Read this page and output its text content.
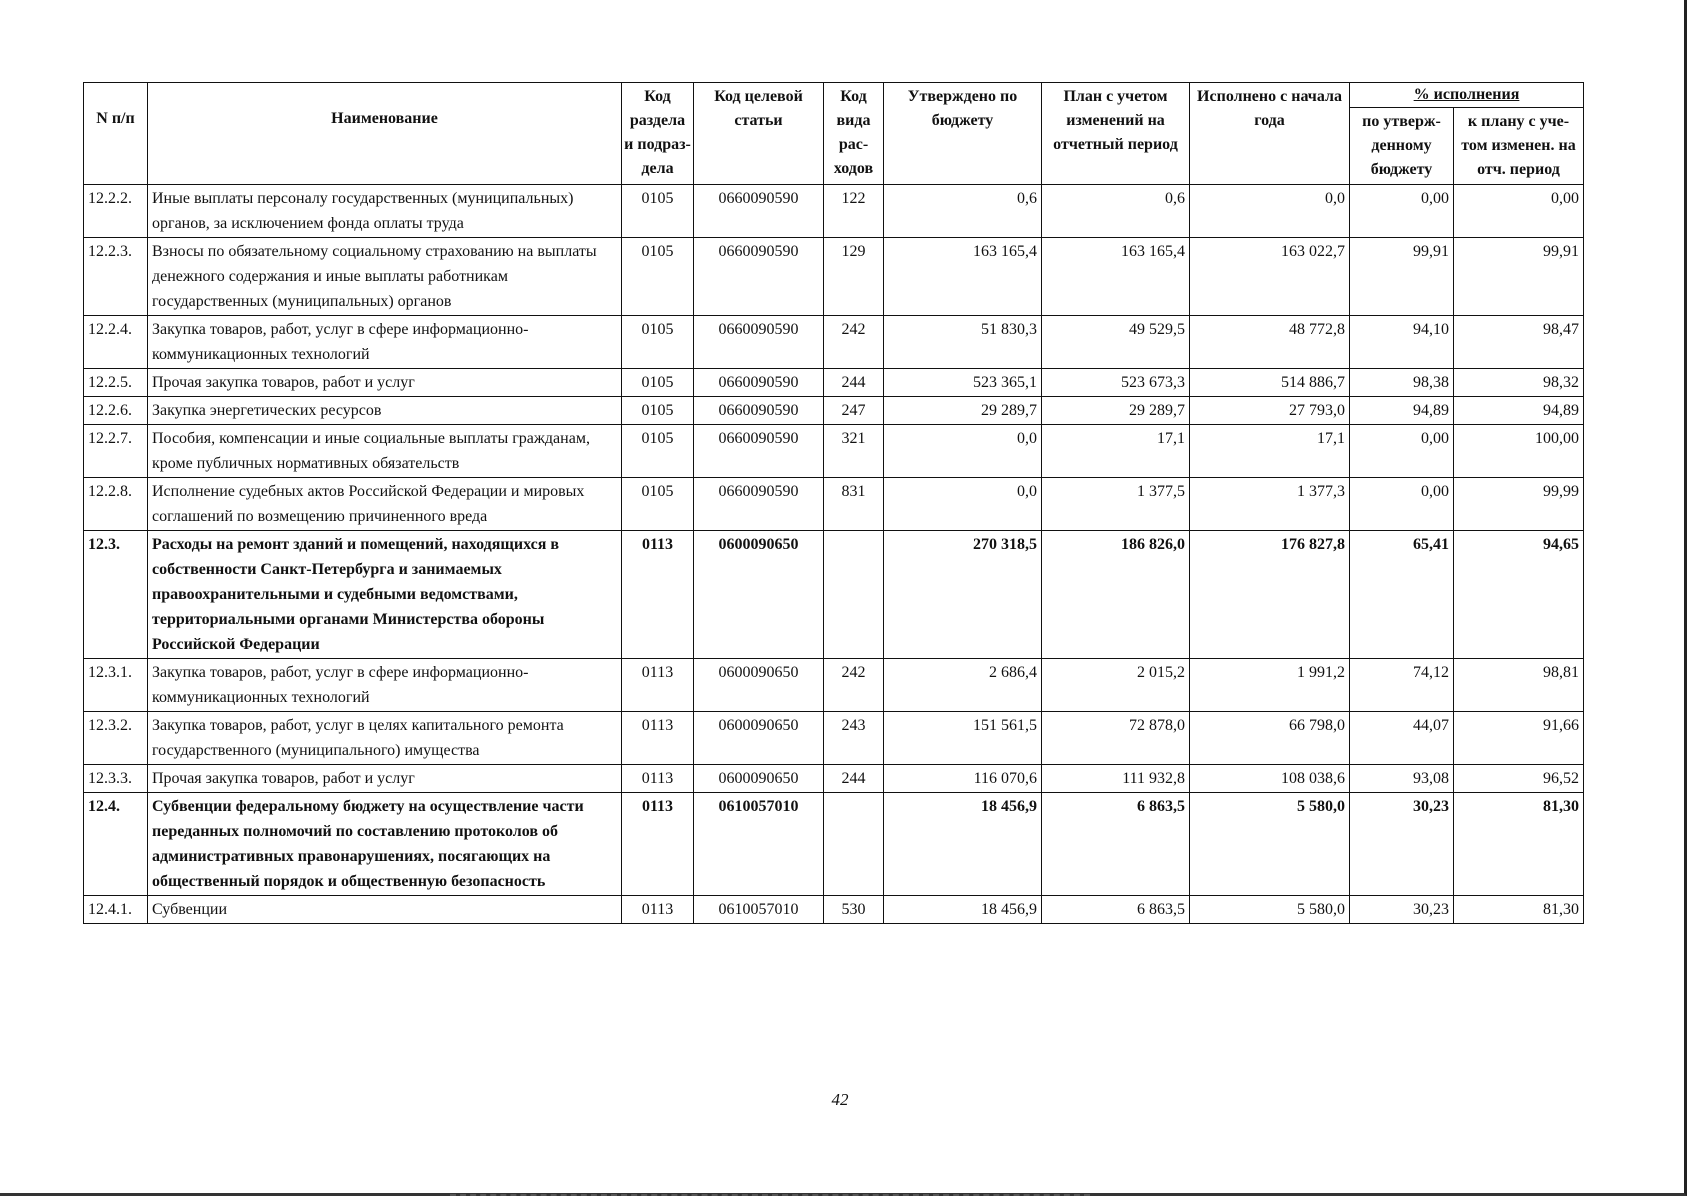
N п/п	Наименование	Код раздела и подраз-дела	Код целевой статьи	Код вида рас-ходов	Утверждено по бюджету	План с учетом изменений на отчетный период	Исполнено с начала года	% исполнения	
								по утверж-денному бюджету	к плану с уче-том изменен. на отч. период
12.2.2.	Иные выплаты персоналу государственных (муниципальных) органов, за исключением фонда оплаты труда	0105	0660090590	122	0,6	0,6	0,0	0,00	0,00
12.2.3.	Взносы по обязательному социальному страхованию на выплаты денежного содержания и иные выплаты работникам государственных (муниципальных) органов	0105	0660090590	129	163 165,4	163 165,4	163 022,7	99,91	99,91
12.2.4.	Закупка товаров, работ, услуг в сфере информационно-коммуникационных технологий	0105	0660090590	242	51 830,3	49 529,5	48 772,8	94,10	98,47
12.2.5.	Прочая закупка товаров, работ и услуг	0105	0660090590	244	523 365,1	523 673,3	514 886,7	98,38	98,32
12.2.6.	Закупка энергетических ресурсов	0105	0660090590	247	29 289,7	29 289,7	27 793,0	94,89	94,89
12.2.7.	Пособия, компенсации и иные социальные выплаты гражданам, кроме публичных нормативных обязательств	0105	0660090590	321	0,0	17,1	17,1	0,00	100,00
12.2.8.	Исполнение судебных актов Российской Федерации и мировых соглашений по возмещению причиненного вреда	0105	0660090590	831	0,0	1 377,5	1 377,3	0,00	99,99
12.3.	Расходы на ремонт зданий и помещений, находящихся в собственности Санкт-Петербурга и занимаемых правоохранительными и судебными ведомствами, территориальными органами Министерства обороны Российской Федерации	0113	0600090650		270 318,5	186 826,0	176 827,8	65,41	94,65
12.3.1.	Закупка товаров, работ, услуг в сфере информационно-коммуникационных технологий	0113	0600090650	242	2 686,4	2 015,2	1 991,2	74,12	98,81
12.3.2.	Закупка товаров, работ, услуг в целях капитального ремонта государственного (муниципального) имущества	0113	0600090650	243	151 561,5	72 878,0	66 798,0	44,07	91,66
12.3.3.	Прочая закупка товаров, работ и услуг	0113	0600090650	244	116 070,6	111 932,8	108 038,6	93,08	96,52
12.4.	Субвенции федеральному бюджету на осуществление части переданных полномочий по составлению протоколов об административных правонарушениях, посягающих на общественный порядок и общественную безопасность	0113	0610057010		18 456,9	6 863,5	5 580,0	30,23	81,30
12.4.1.	Субвенции	0113	0610057010	530	18 456,9	6 863,5	5 580,0	30,23	81,30
42
